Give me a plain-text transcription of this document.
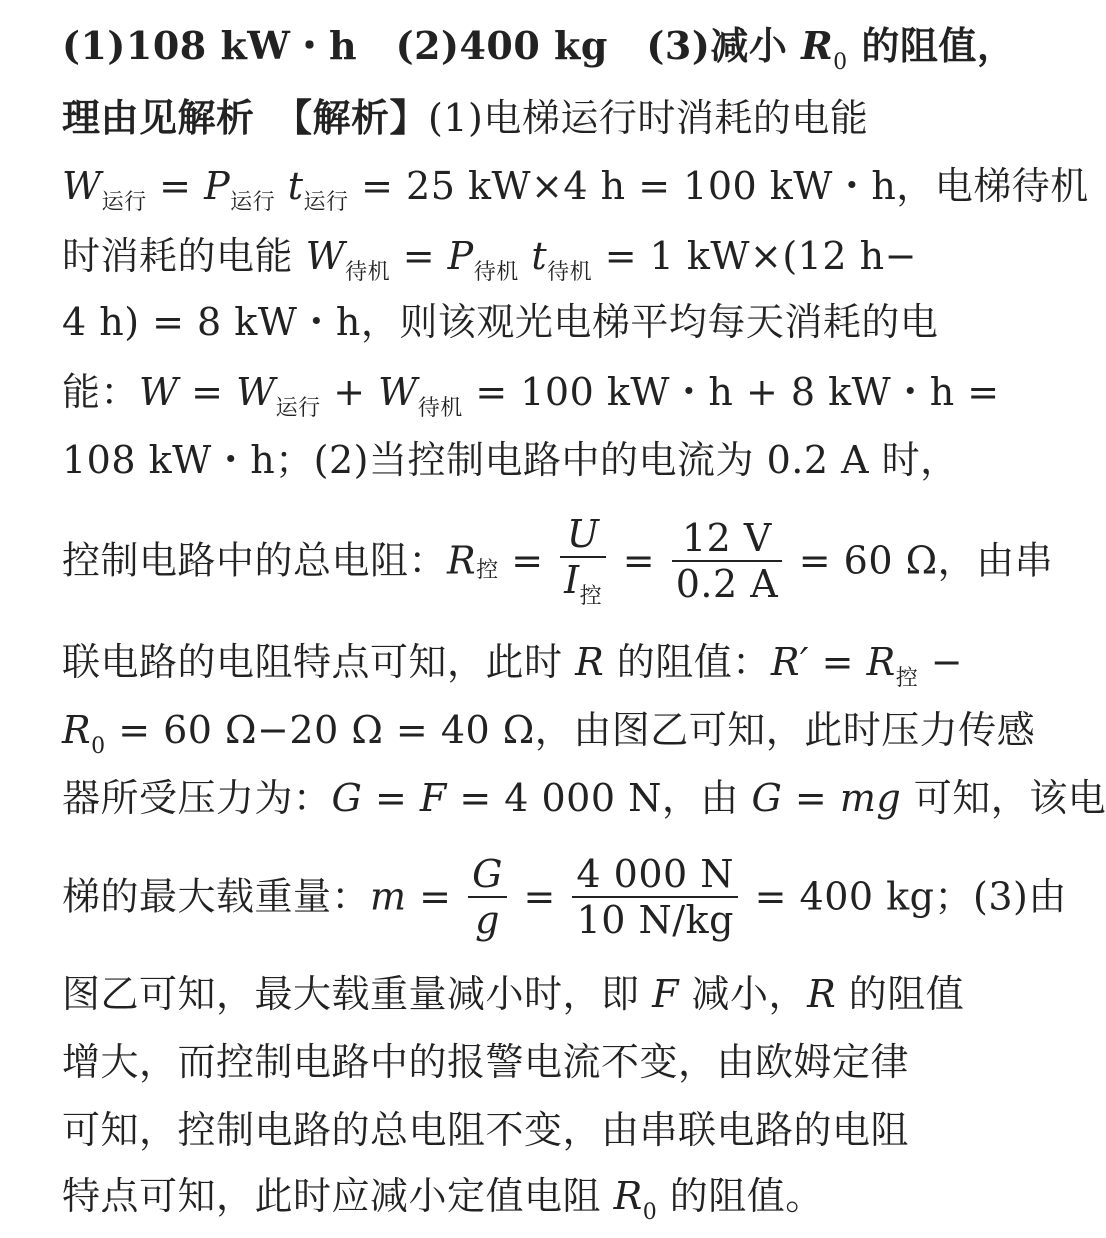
(1)108 kW・h　(2)400 kg　(3)减小 $R_0$ 的阻值，
理由见解析　【解析】(1)电梯运行时消耗的电能
$W_{运行} = P_{运行}$ $t_{运行} = 25$ kW×4 h = 100 kW・h，电梯待机
时消耗的电能 $W_{待机} = P_{待机}$ $t_{待机} = 1$ kW×(12 h−
4 h) = 8 kW・h，则该观光电梯平均每天消耗的电
能：$W = W_{运行} + W_{待机} = 100$ kW・h + 8 kW・h =
108 kW・h；(2)当控制电路中的电流为 0.2 A 时，
控制电路中的总电阻：$R_控 = \frac{U}{I_控} = \frac{12 V}{0.2 A} = 60$ Ω，由串
联电路的电阻特点可知，此时 R 的阻值：$R' = R_控$ −
$R_0 = 60$ Ω−20 Ω = 40 Ω，由图乙可知，此时压力传感
器所受压力为：G = F = 4 000 N，由 G = mg 可知，该电
梯的最大载重量：$m = \frac{G}{g} = \frac{4 000 N}{10 N/kg} = 400$ kg；(3)由
图乙可知，最大载重量减小时，即 F 减小，R 的阻值
增大，而控制电路中的报警电流不变，由欧姆定律
可知，控制电路的总电阻不变，由串联电路的电阻
特点可知，此时应减小定值电阻 $R_0$ 的阻值。
